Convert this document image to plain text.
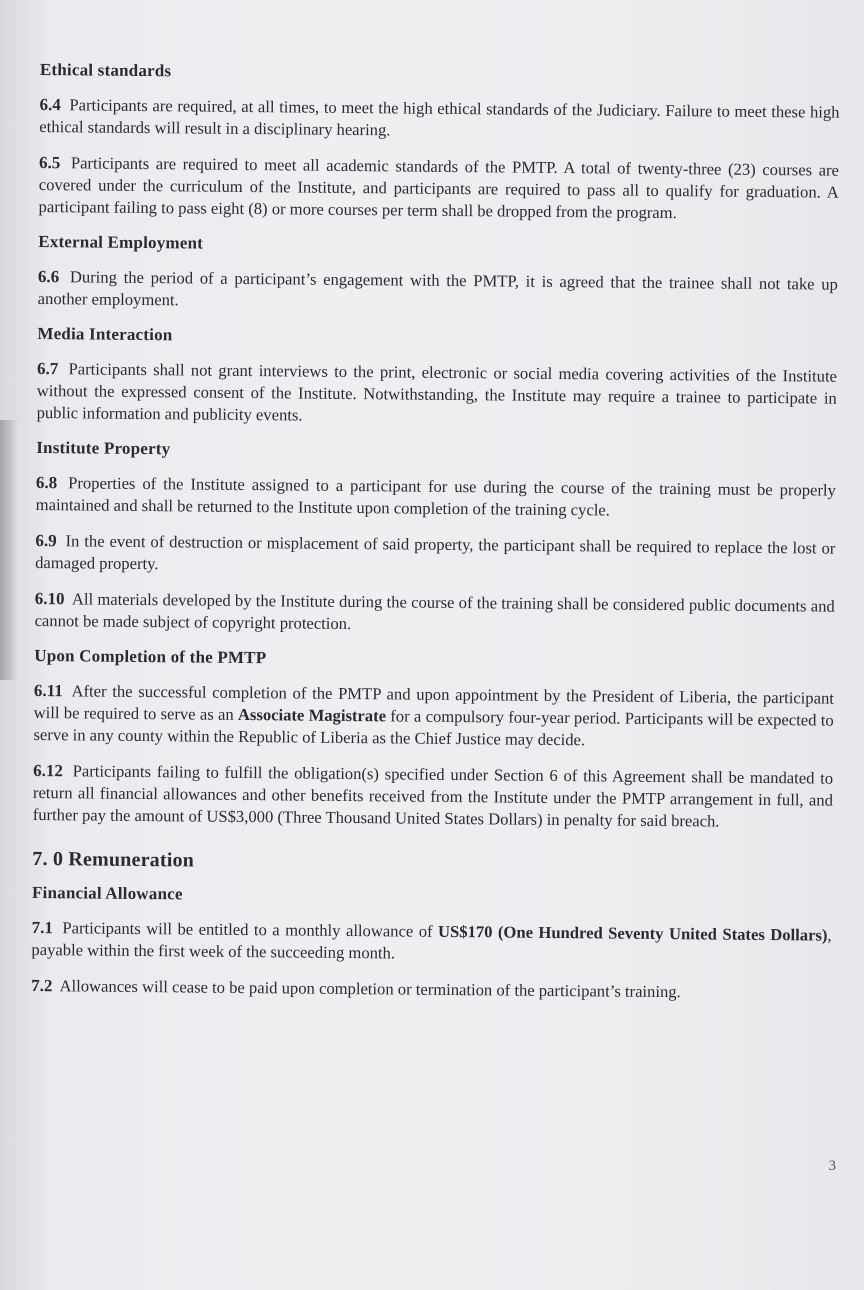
Ethical standards

6.4 Participants are required, at all times, to meet the high ethical standards of the Judiciary. Failure to meet these high ethical standards will result in a disciplinary hearing.

6.5 Participants are required to meet all academic standards of the PMTP. A total of twenty-three (23) courses are covered under the curriculum of the Institute, and participants are required to pass all to qualify for graduation. A participant failing to pass eight (8) or more courses per term shall be dropped from the program.

External Employment

6.6 During the period of a participant’s engagement with the PMTP, it is agreed that the trainee shall not take up another employment.

Media Interaction

6.7 Participants shall not grant interviews to the print, electronic or social media covering activities of the Institute without the expressed consent of the Institute. Notwithstanding, the Institute may require a trainee to participate in public information and publicity events.

Institute Property

6.8 Properties of the Institute assigned to a participant for use during the course of the training must be properly maintained and shall be returned to the Institute upon completion of the training cycle.

6.9 In the event of destruction or misplacement of said property, the participant shall be required to replace the lost or damaged property.

6.10 All materials developed by the Institute during the course of the training shall be considered public documents and cannot be made subject of copyright protection.

Upon Completion of the PMTP

6.11 After the successful completion of the PMTP and upon appointment by the President of Liberia, the participant will be required to serve as an Associate Magistrate for a compulsory four-year period. Participants will be expected to serve in any county within the Republic of Liberia as the Chief Justice may decide.

6.12 Participants failing to fulfill the obligation(s) specified under Section 6 of this Agreement shall be mandated to return all financial allowances and other benefits received from the Institute under the PMTP arrangement in full, and further pay the amount of US$3,000 (Three Thousand United States Dollars) in penalty for said breach.

7. 0 Remuneration
Financial Allowance

7.1 Participants will be entitled to a monthly allowance of US$170 (One Hundred Seventy United States Dollars), payable within the first week of the succeeding month.

7.2 Allowances will cease to be paid upon completion or termination of the participant’s training.

3
